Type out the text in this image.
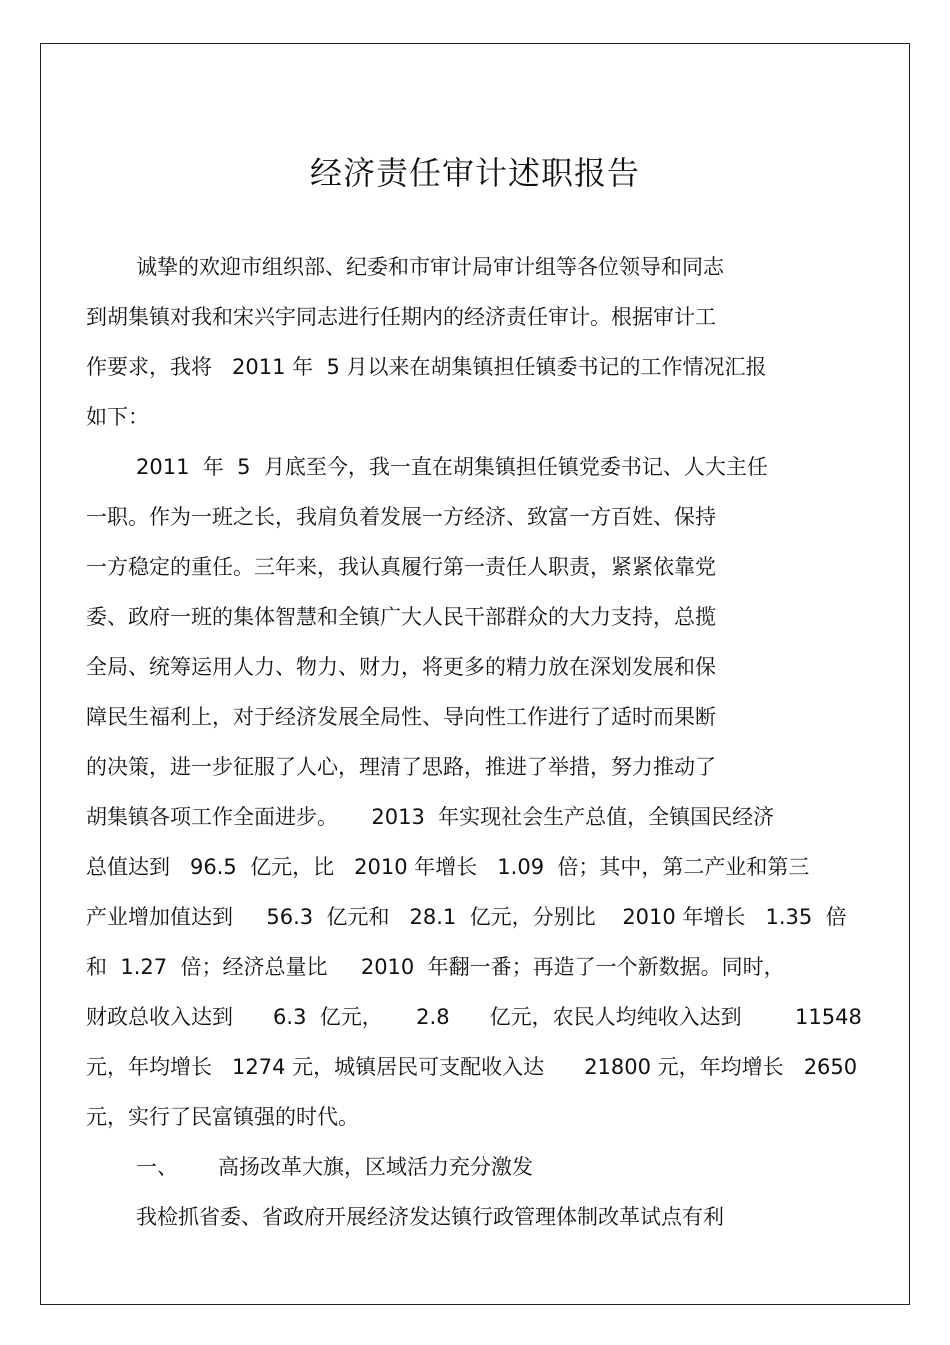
经济责任审计述职报告
诚挚的欢迎市组织部、纪委和市审计局审计组等各位领导和同志
到胡集镇对我和宋兴宇同志进行任期内的经济责任审计。根据审计工
作要求，我将   2011 年  5 月以来在胡集镇担任镇委书记的工作情况汇报
如下：
2011  年  5  月底至今，我一直在胡集镇担任镇党委书记、人大主任
一职。作为一班之长，我肩负着发展一方经济、致富一方百姓、保持
一方稳定的重任。三年来，我认真履行第一责任人职责，紧紧依靠党
委、政府一班的集体智慧和全镇广大人民干部群众的大力支持，总揽
全局、统筹运用人力、物力、财力，将更多的精力放在深划发展和保
障民生福利上，对于经济发展全局性、导向性工作进行了适时而果断
的决策，进一步征服了人心，理清了思路，推进了举措，努力推动了
胡集镇各项工作全面进步。     2013  年实现社会生产总值，全镇国民经济
总值达到   96.5  亿元，比   2010 年增长   1.09  倍；其中，第二产业和第三
产业增加值达到     56.3  亿元和   28.1  亿元，分别比    2010 年增长   1.35  倍
和  1.27  倍；经济总量比     2010  年翻一番；再造了一个新数据。同时，
财政总收入达到      6.3  亿元，     2.8      亿元，农民人均纯收入达到        11548
元，年均增长   1274 元，城镇居民可支配收入达      21800 元，年均增长   2650
元，实行了民富镇强的时代。
一、      高扬改革大旗，区域活力充分激发
我检抓省委、省政府开展经济发达镇行政管理体制改革试点有利
